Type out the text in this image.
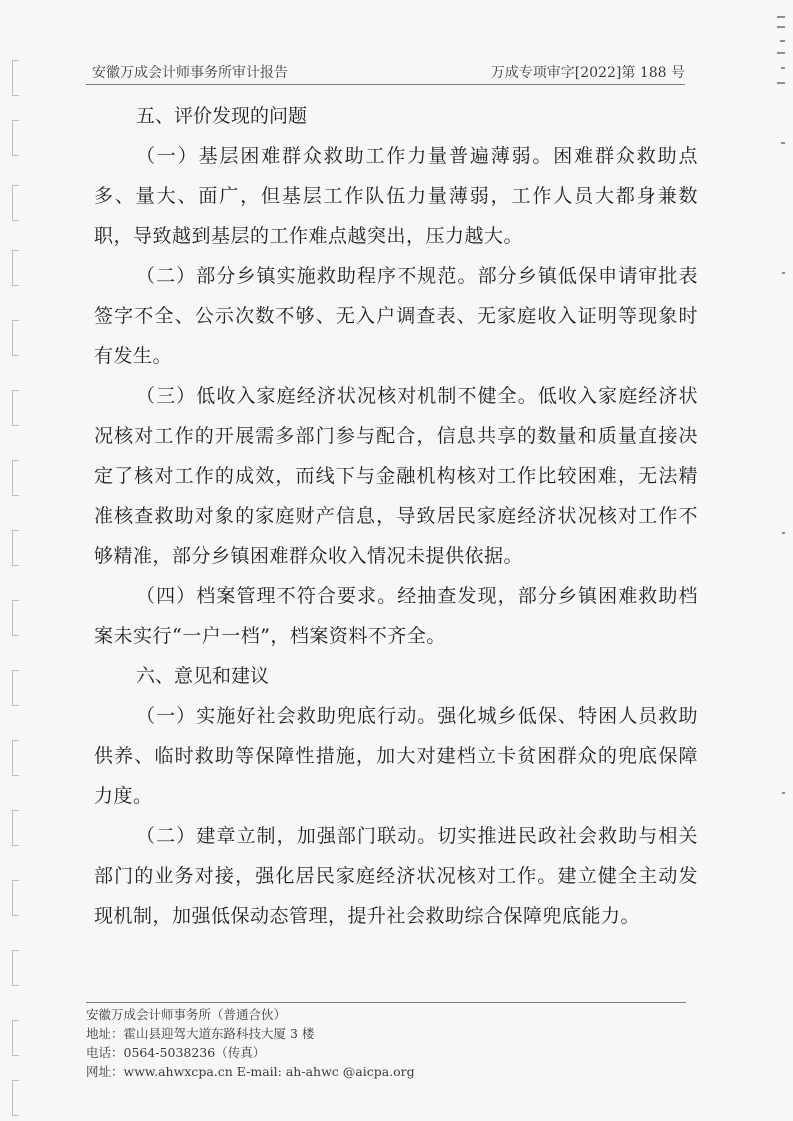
安徽万成会计师事务所审计报告	万成专项审字[2022]第 188 号
五、评价发现的问题

（一）基层困难群众救助工作力量普遍薄弱。困难群众救助点多、量大、面广，但基层工作队伍力量薄弱，工作人员大都身兼数职，导致越到基层的工作难点越突出，压力越大。

（二）部分乡镇实施救助程序不规范。部分乡镇低保申请审批表签字不全、公示次数不够、无入户调查表、无家庭收入证明等现象时有发生。

（三）低收入家庭经济状况核对机制不健全。低收入家庭经济状况核对工作的开展需多部门参与配合，信息共享的数量和质量直接决定了核对工作的成效，而线下与金融机构核对工作比较困难，无法精准核查救助对象的家庭财产信息，导致居民家庭经济状况核对工作不够精准，部分乡镇困难群众收入情况未提供依据。

（四）档案管理不符合要求。经抽查发现，部分乡镇困难救助档案未实行“一户一档”，档案资料不齐全。

六、意见和建议

（一）实施好社会救助兜底行动。强化城乡低保、特困人员救助供养、临时救助等保障性措施，加大对建档立卡贫困群众的兜底保障力度。

（二）建章立制，加强部门联动。切实推进民政社会救助与相关部门的业务对接，强化居民家庭经济状况核对工作。建立健全主动发现机制，加强低保动态管理，提升社会救助综合保障兜底能力。

安徽万成会计师事务所（普通合伙）
地址：霍山县迎驾大道东路科技大厦 3 楼
电话：0564-5038236（传真）
网址：www.ahwxcpa.cn E-mail: ah-ahwc @aicpa.org
